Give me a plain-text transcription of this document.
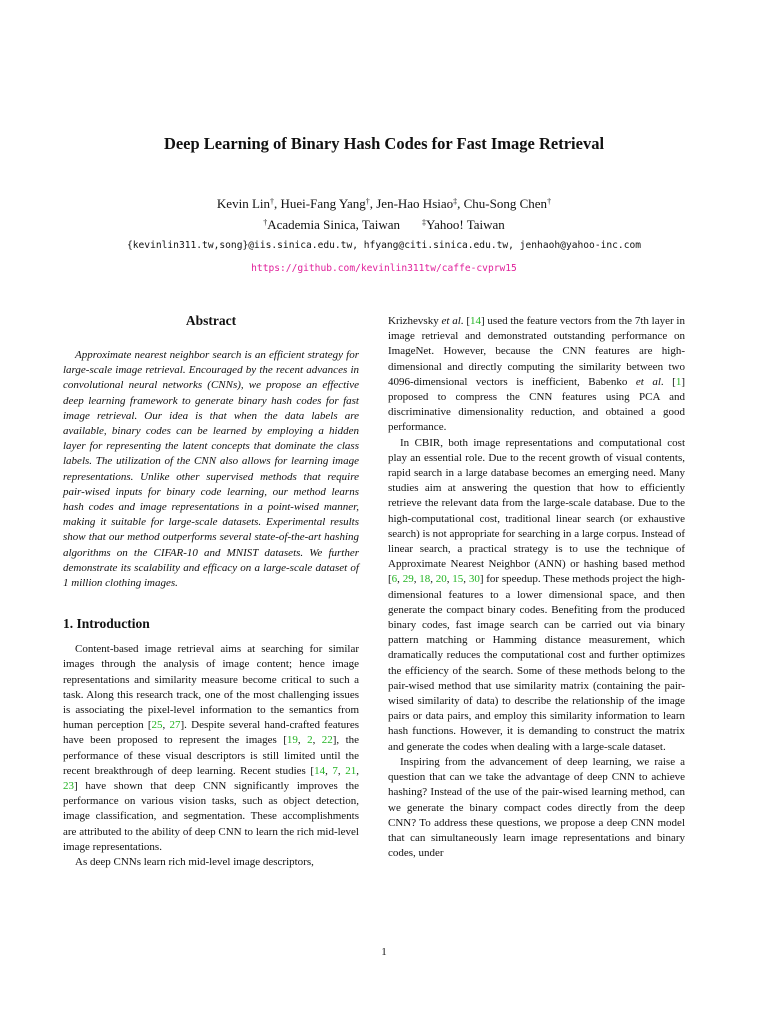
Deep Learning of Binary Hash Codes for Fast Image Retrieval
Kevin Lin†, Huei-Fang Yang†, Jen-Hao Hsiao‡, Chu-Song Chen†
†Academia Sinica, Taiwan	‡Yahoo! Taiwan
{kevinlin311.tw,song}@iis.sinica.edu.tw, hfyang@citi.sinica.edu.tw, jenhaoh@yahoo-inc.com
https://github.com/kevinlin311tw/caffe-cvprw15
Abstract

Approximate nearest neighbor search is an efficient strategy for large-scale image retrieval. Encouraged by the recent advances in convolutional neural networks (CNNs), we propose an effective deep learning framework to generate binary hash codes for fast image retrieval. Our idea is that when the data labels are available, binary codes can be learned by employing a hidden layer for representing the latent concepts that dominate the class labels. The utilization of the CNN also allows for learning image representations. Unlike other supervised methods that require pair-wised inputs for binary code learning, our method learns hash codes and image representations in a point-wised manner, making it suitable for large-scale datasets. Experimental results show that our method outperforms several state-of-the-art hashing algorithms on the CIFAR-10 and MNIST datasets. We further demonstrate its scalability and efficacy on a large-scale dataset of 1 million clothing images.

1. Introduction

Content-based image retrieval aims at searching for similar images through the analysis of image content; hence image representations and similarity measure become critical to such a task. Along this research track, one of the most challenging issues is associating the pixel-level information to the semantics from human perception [25, 27]. Despite several hand-crafted features have been proposed to represent the images [19, 2, 22], the performance of these visual descriptors is still limited until the recent breakthrough of deep learning. Recent studies [14, 7, 21, 23] have shown that deep CNN significantly improves the performance on various vision tasks, such as object detection, image classification, and segmentation. These accomplishments are attributed to the ability of deep CNN to learn the rich mid-level image representations.

As deep CNNs learn rich mid-level image descriptors,

Krizhevsky et al. [14] used the feature vectors from the 7th layer in image retrieval and demonstrated outstanding performance on ImageNet. However, because the CNN features are high-dimensional and directly computing the similarity between two 4096-dimensional vectors is inefficient, Babenko et al. [1] proposed to compress the CNN features using PCA and discriminative dimensionality reduction, and obtained a good performance.

In CBIR, both image representations and computational cost play an essential role. Due to the recent growth of visual contents, rapid search in a large database becomes an emerging need. Many studies aim at answering the question that how to efficiently retrieve the relevant data from the large-scale database. Due to the high-computational cost, traditional linear search (or exhaustive search) is not appropriate for searching in a large corpus. Instead of linear search, a practical strategy is to use the technique of Approximate Nearest Neighbor (ANN) or hashing based method [6, 29, 18, 20, 15, 30] for speedup. These methods project the high-dimensional features to a lower dimensional space, and then generate the compact binary codes. Benefiting from the produced binary codes, fast image search can be carried out via binary pattern matching or Hamming distance measurement, which dramatically reduces the computational cost and further optimizes the efficiency of the search. Some of these methods belong to the pair-wised method that use similarity matrix (containing the pair-wised similarity of data) to describe the relationship of the image pairs or data pairs, and employ this similarity information to learn hash functions. However, it is demanding to construct the matrix and generate the codes when dealing with a large-scale dataset.

Inspiring from the advancement of deep learning, we raise a question that can we take the advantage of deep CNN to achieve hashing? Instead of the use of the pair-wised learning method, can we generate the binary compact codes directly from the deep CNN? To address these questions, we propose a deep CNN model that can simultaneously learn image representations and binary codes, under

1
